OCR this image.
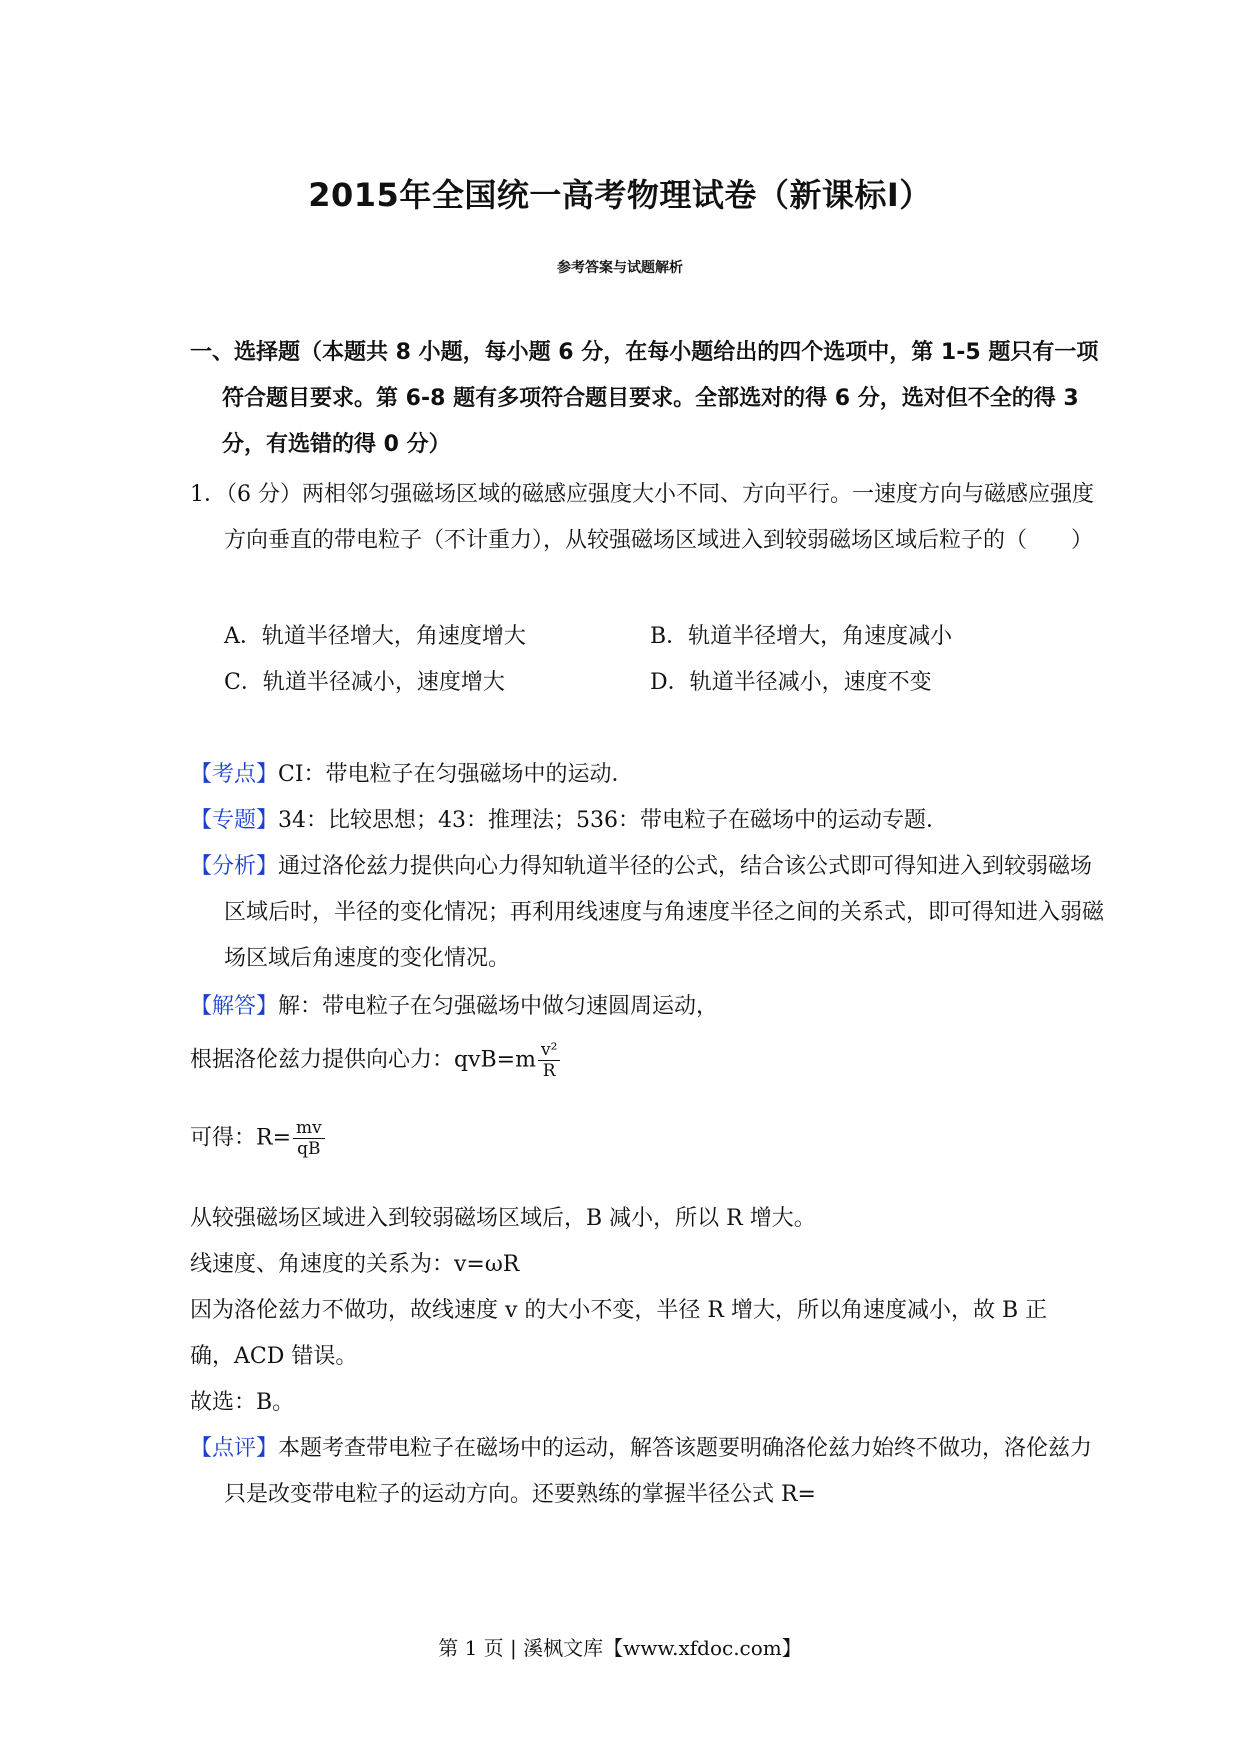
2015年全国统一高考物理试卷（新课标Ⅰ）
参考答案与试题解析
一、选择题（本题共 8 小题，每小题 6 分，在每小题给出的四个选项中，第 1-5 题只有一项符合题目要求。第 6-8 题有多项符合题目要求。全部选对的得 6 分，选对但不全的得 3 分，有选错的得 0 分）
1．（6 分）两相邻匀强磁场区域的磁感应强度大小不同、方向平行。一速度方向与磁感应强度方向垂直的带电粒子（不计重力），从较强磁场区域进入到较弱磁场区域后粒子的（　　）
A．轨道半径增大，角速度增大	B．轨道半径增大，角速度减小
C．轨道半径减小，速度增大	D．轨道半径减小，速度不变
【考点】CI：带电粒子在匀强磁场中的运动．
【专题】34：比较思想；43：推理法；536：带电粒子在磁场中的运动专题．
【分析】通过洛伦兹力提供向心力得知轨道半径的公式，结合该公式即可得知进入到较弱磁场区域后时，半径的变化情况；再利用线速度与角速度半径之间的关系式，即可得知进入弱磁场区域后角速度的变化情况。
【解答】解：带电粒子在匀强磁场中做匀速圆周运动，
根据洛伦兹力提供向心力：$qvB=m \frac{\text{v²}}{R}$
可得：$R= \frac{mv}{qB}$
从较强磁场区域进入到较弱磁场区域后，B 减小，所以 R 增大。
线速度、角速度的关系为：v=ωR
因为洛伦兹力不做功，故线速度 v 的大小不变，半径 R 增大，所以角速度减小，故 B 正确，ACD 错误。
故选：B。
【点评】本题考查带电粒子在磁场中的运动，解答该题要明确洛伦兹力始终不做功，洛伦兹力只是改变带电粒子的运动方向。还要熟练的掌握半径公式 R=
第 1 页 | 溪枫文库【www.xfdoc.com】
